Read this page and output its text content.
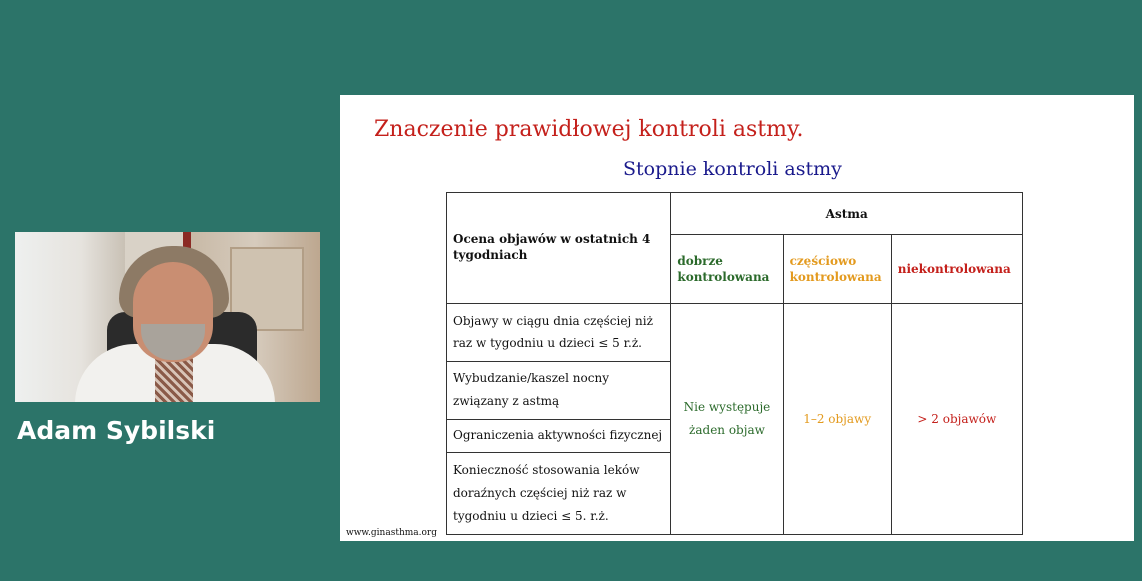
Adam Sybilski
Znaczenie prawidłowej kontroli astmy.
Stopnie kontroli astmy
Ocena objawów w ostatnich 4 tygodniach	Astma		
	dobrze kontrolowana	częściowo kontrolowana	niekontrolowana
Objawy w ciągu dnia częściej niż raz w tygodniu u dzieci ≤ 5 r.ż.	Nie występuje żaden objaw	1–2 objawy	> 2 objawów
Wybudzanie/kaszel nocny związany z astmą			
Ograniczenia aktywności fizycznej			
Konieczność stosowania leków doraźnych częściej niż raz w tygodniu u dzieci ≤ 5. r.ż.			
www.ginasthma.org
